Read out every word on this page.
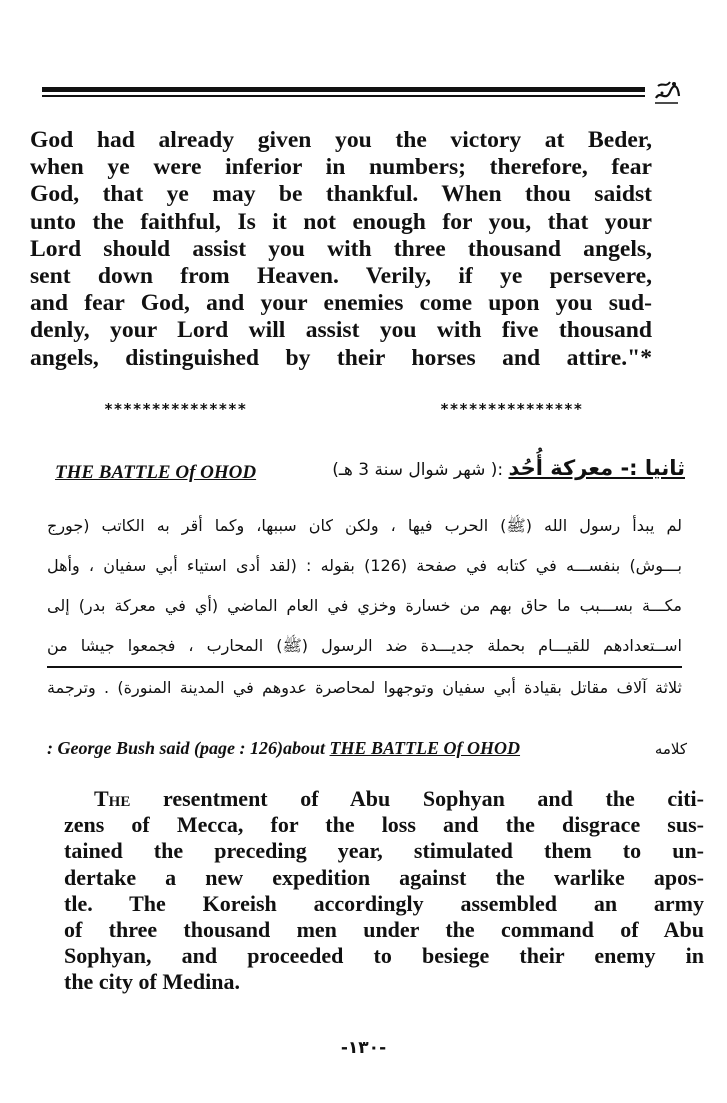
God had already given you the victory at Beder,
when ye were inferior in numbers; therefore, fear
God, that ye may be thankful. When thou saidst
unto the faithful, Is it not enough for you, that your
Lord should assist you with three thousand angels,
sent down from Heaven. Verily, if ye persevere,
and fear God, and your enemies come upon you sud-
denly, your Lord will assist you with five thousand
angels, distinguished by their horses and attire."*
***************	***************
THE BATTLE Of OHOD	ثانيا :- معركة أُحُد :( شهر شوال سنة 3 هـ)
لم يبدأ رسول الله (ﷺ) الحرب فيها ، ولكن كان سببها، وكما أقر به الكاتب (جورج
بـــوش) بنفســـه في كتابه في صفحة (126) بقوله : (لقد أدى استياء أبي سفيان ، وأهل
مكـــة بســـبب ما حاق بهم من خسارة وخزي في العام الماضي (أي في معركة بدر) إلى
اســتعدادهم للقيـــام بحملة جديـــدة ضد الرسول (ﷺ) المحارب ، فجمعوا جيشا من
ثلاثة آلاف مقاتل بقيادة أبي سفيان وتوجهوا لمحاصرة عدوهم في المدينة المنورة) . وترجمة
: George Bush said (page : 126)about THE BATTLE Of OHOD	كلامه
The resentment of Abu Sophyan and the citi-
zens of Mecca, for the loss and the disgrace sus-
tained the preceding year, stimulated them to un-
dertake a new expedition against the warlike apos-
tle. The Koreish accordingly assembled an army
of three thousand men under the command of Abu
Sophyan, and proceeded to besiege their enemy in
the city of Medina.
-١٣٠-
